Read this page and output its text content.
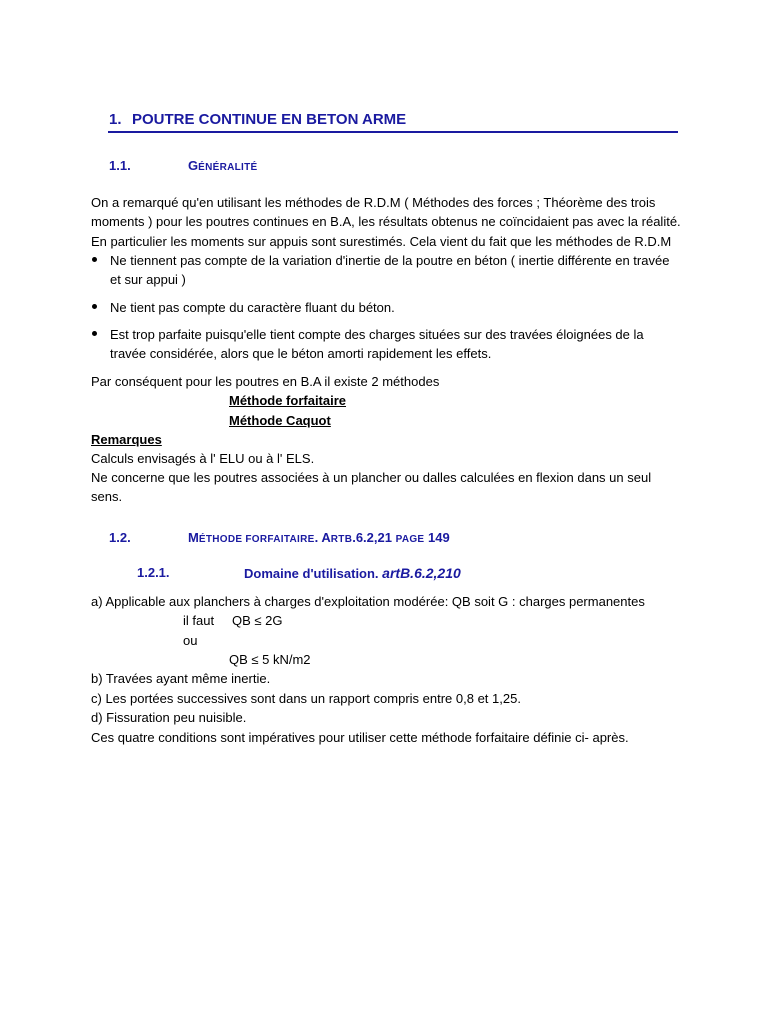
1. POUTRE CONTINUE EN BETON ARME
1.1.	GÉNÉRALITÉ
On a remarqué qu'en utilisant les méthodes de R.D.M ( Méthodes des forces ; Théorème des trois
moments ) pour les poutres continues en B.A, les résultats obtenus ne coïncidaient pas avec la réalité.
En particulier les moments sur appuis sont surestimés. Cela vient du fait que les méthodes de R.D.M
Ne tiennent pas compte de la variation d'inertie de la poutre en béton ( inertie différente en travée
et sur appui )
Ne tient pas compte du caractère fluant du béton.
Est trop parfaite puisqu'elle tient compte des charges situées sur des travées éloignées de la
travée considérée, alors que le béton amorti rapidement les effets.
Par conséquent pour les poutres en B.A il existe 2 méthodes
Méthode forfaitaire
Méthode Caquot
Remarques
Calculs envisagés à l' ELU ou à l' ELS.
Ne concerne que les poutres associées à un plancher ou dalles calculées en flexion dans un seul
sens.
1.2.	MÉTHODE FORFAITAIRE. ARTB.6.2,21 PAGE 149
1.2.1.	Domaine d'utilisation. artB.6.2,210
a) Applicable aux planchers à charges d'exploitation modérée: QB soit G : charges permanentes
il faut QB ≤ 2G
ou
QB ≤ 5 kN/m2
b) Travées ayant même inertie.
c) Les portées successives sont dans un rapport compris entre 0,8 et 1,25.
d) Fissuration peu nuisible.
Ces quatre conditions sont impératives pour utiliser cette méthode forfaitaire définie ci- après.
